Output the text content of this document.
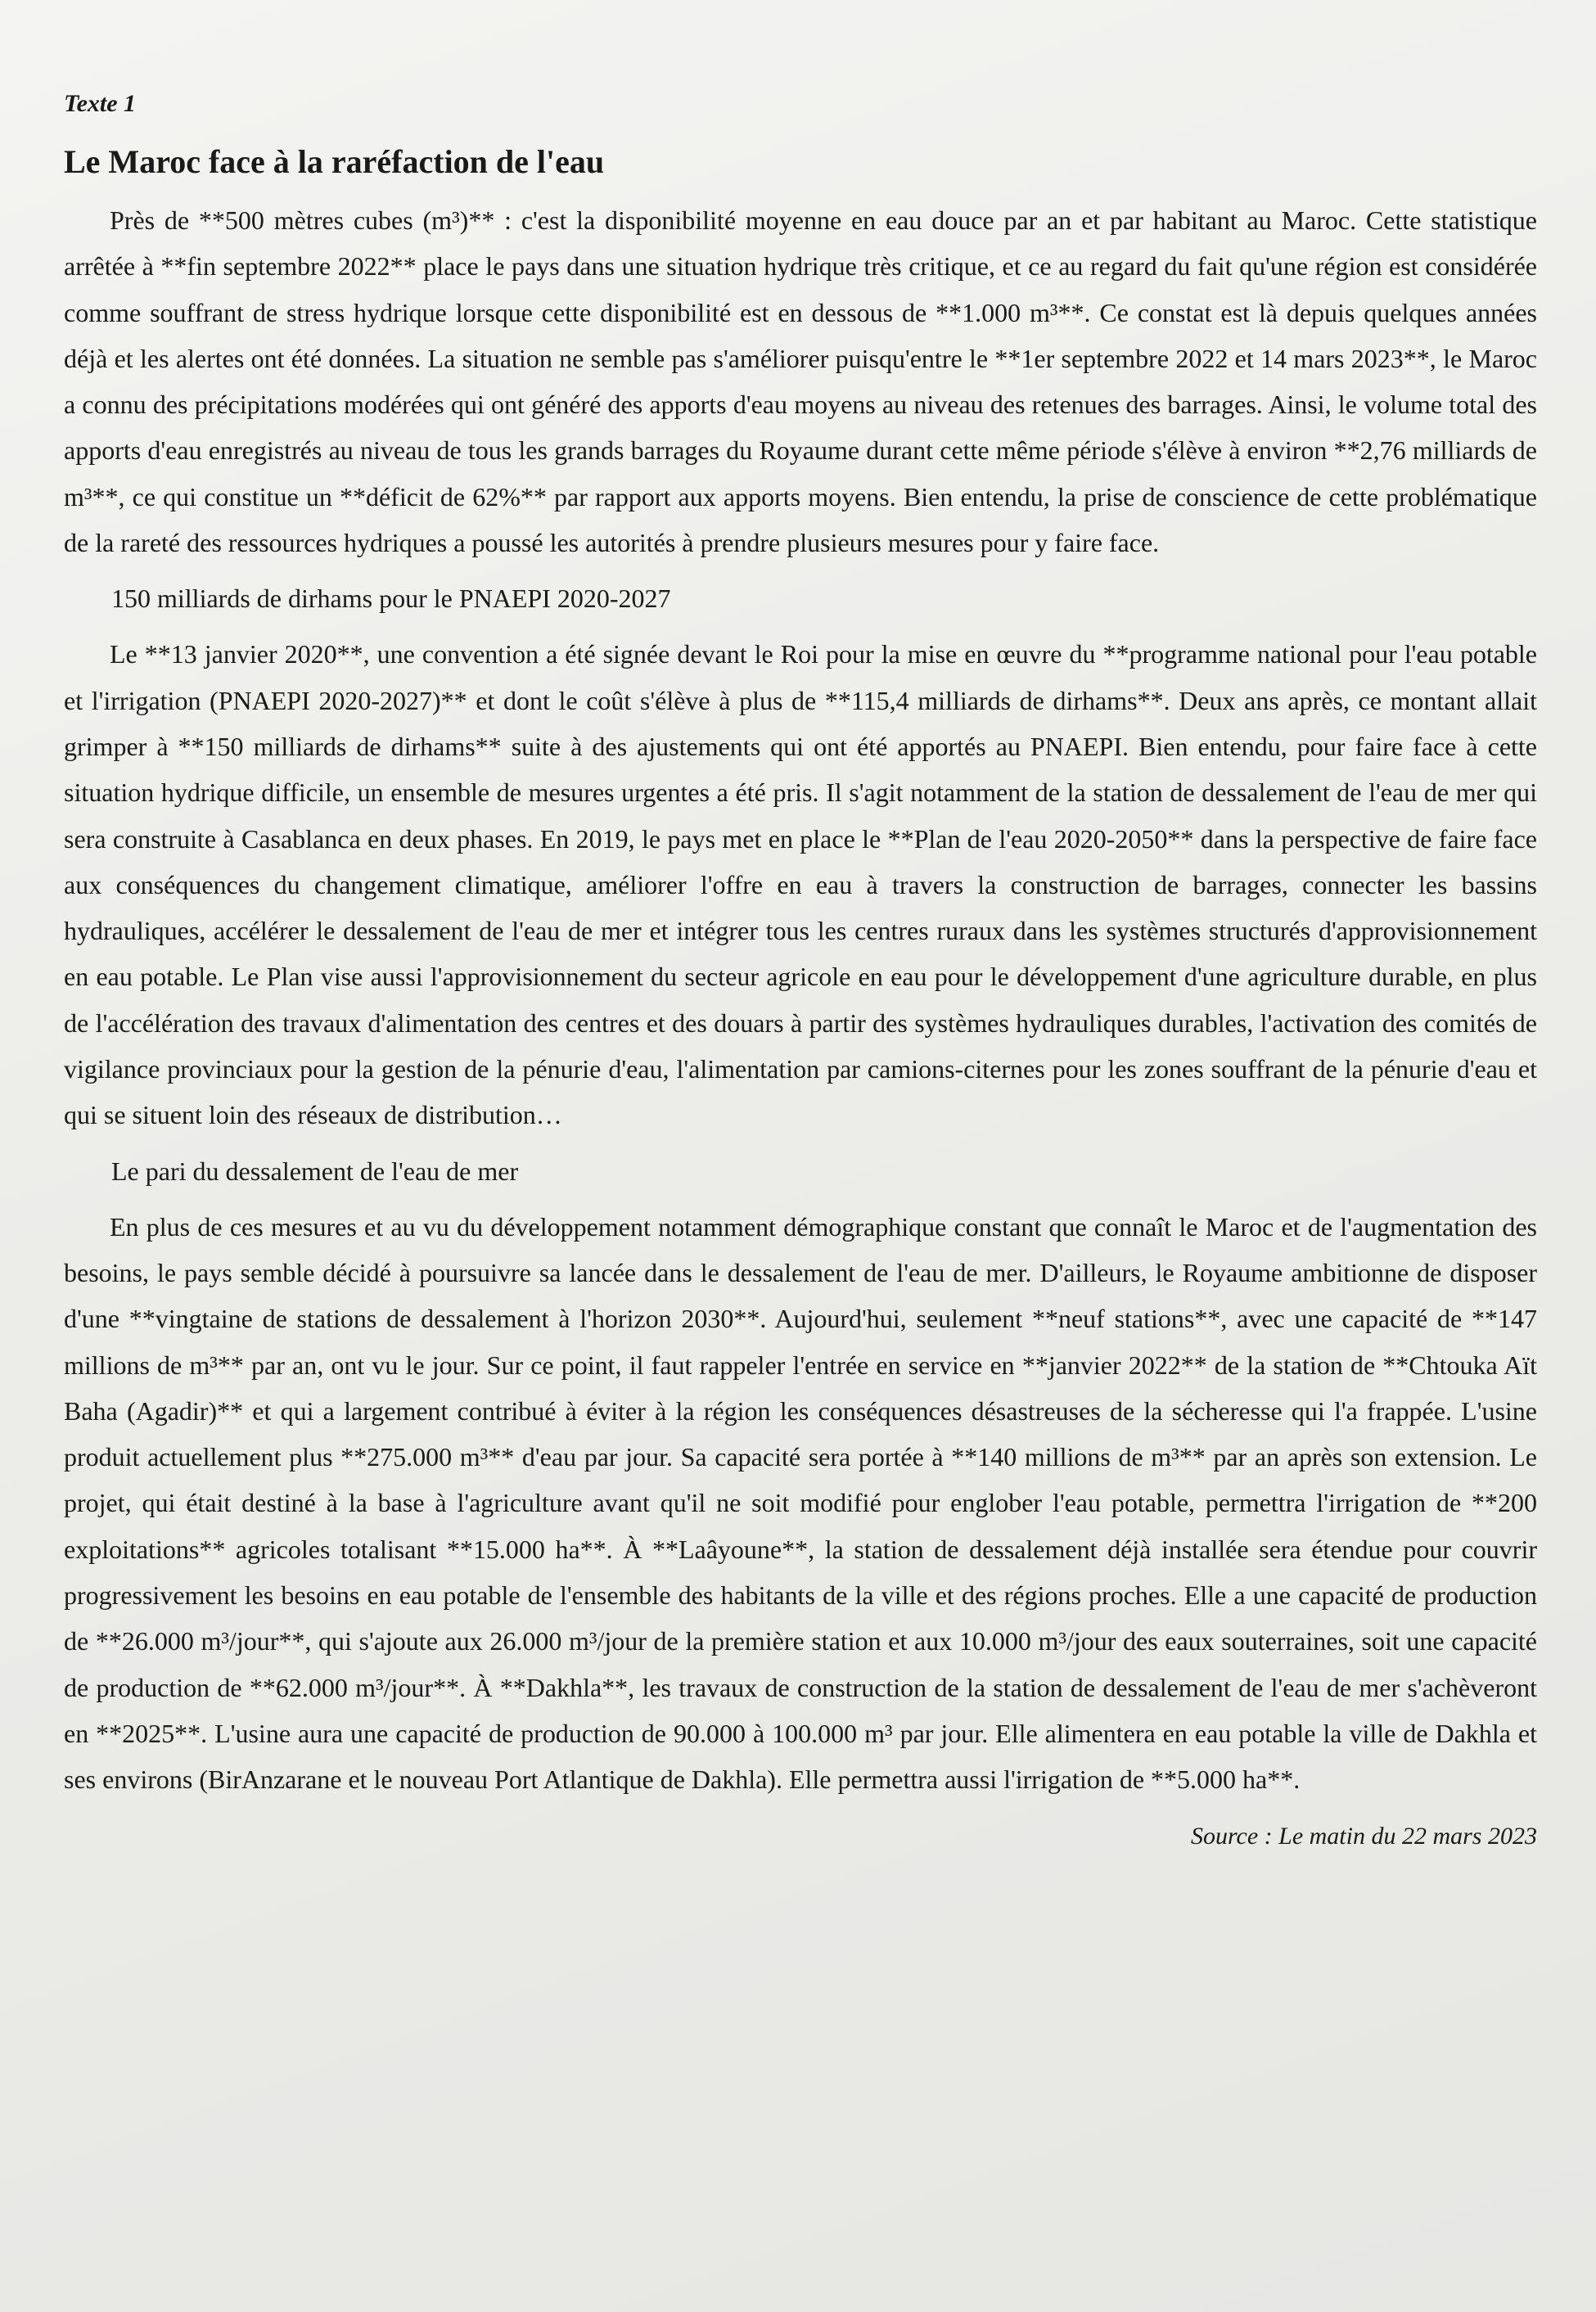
Texte 1
Le Maroc face à la raréfaction de l'eau

Près de **500 mètres cubes (m³)** : c'est la disponibilité moyenne en eau douce par an et par habitant au Maroc. Cette statistique arrêtée à **fin septembre 2022** place le pays dans une situation hydrique très critique, et ce au regard du fait qu'une région est considérée comme souffrant de stress hydrique lorsque cette disponibilité est en dessous de **1.000 m³**. Ce constat est là depuis quelques années déjà et les alertes ont été données. La situation ne semble pas s'améliorer puisqu'entre le **1er septembre 2022 et 14 mars 2023**, le Maroc a connu des précipitations modérées qui ont généré des apports d'eau moyens au niveau des retenues des barrages. Ainsi, le volume total des apports d'eau enregistrés au niveau de tous les grands barrages du Royaume durant cette même période s'élève à environ **2,76 milliards de m³**, ce qui constitue un **déficit de 62%** par rapport aux apports moyens. Bien entendu, la prise de conscience de cette problématique de la rareté des ressources hydriques a poussé les autorités à prendre plusieurs mesures pour y faire face.

150 milliards de dirhams pour le PNAEPI 2020-2027

Le **13 janvier 2020**, une convention a été signée devant le Roi pour la mise en œuvre du **programme national pour l'eau potable et l'irrigation (PNAEPI 2020-2027)** et dont le coût s'élève à plus de **115,4 milliards de dirhams**. Deux ans après, ce montant allait grimper à **150 milliards de dirhams** suite à des ajustements qui ont été apportés au PNAEPI. Bien entendu, pour faire face à cette situation hydrique difficile, un ensemble de mesures urgentes a été pris. Il s'agit notamment de la station de dessalement de l'eau de mer qui sera construite à Casablanca en deux phases. En 2019, le pays met en place le **Plan de l'eau 2020-2050** dans la perspective de faire face aux conséquences du changement climatique, améliorer l'offre en eau à travers la construction de barrages, connecter les bassins hydrauliques, accélérer le dessalement de l'eau de mer et intégrer tous les centres ruraux dans les systèmes structurés d'approvisionnement en eau potable. Le Plan vise aussi l'approvisionnement du secteur agricole en eau pour le développement d'une agriculture durable, en plus de l'accélération des travaux d'alimentation des centres et des douars à partir des systèmes hydrauliques durables, l'activation des comités de vigilance provinciaux pour la gestion de la pénurie d'eau, l'alimentation par camions-citernes pour les zones souffrant de la pénurie d'eau et qui se situent loin des réseaux de distribution…

Le pari du dessalement de l'eau de mer

En plus de ces mesures et au vu du développement notamment démographique constant que connaît le Maroc et de l'augmentation des besoins, le pays semble décidé à poursuivre sa lancée dans le dessalement de l'eau de mer. D'ailleurs, le Royaume ambitionne de disposer d'une **vingtaine de stations de dessalement à l'horizon 2030**. Aujourd'hui, seulement **neuf stations**, avec une capacité de **147 millions de m³** par an, ont vu le jour. Sur ce point, il faut rappeler l'entrée en service en **janvier 2022** de la station de **Chtouka Aït Baha (Agadir)** et qui a largement contribué à éviter à la région les conséquences désastreuses de la sécheresse qui l'a frappée. L'usine produit actuellement plus **275.000 m³** d'eau par jour. Sa capacité sera portée à **140 millions de m³** par an après son extension. Le projet, qui était destiné à la base à l'agriculture avant qu'il ne soit modifié pour englober l'eau potable, permettra l'irrigation de **200 exploitations** agricoles totalisant **15.000 ha**. À **Laâyoune**, la station de dessalement déjà installée sera étendue pour couvrir progressivement les besoins en eau potable de l'ensemble des habitants de la ville et des régions proches. Elle a une capacité de production de **26.000 m³/jour**, qui s'ajoute aux 26.000 m³/jour de la première station et aux 10.000 m³/jour des eaux souterraines, soit une capacité de production de **62.000 m³/jour**. À **Dakhla**, les travaux de construction de la station de dessalement de l'eau de mer s'achèveront en **2025**. L'usine aura une capacité de production de 90.000 à 100.000 m³ par jour. Elle alimentera en eau potable la ville de Dakhla et ses environs (BirAnzarane et le nouveau Port Atlantique de Dakhla). Elle permettra aussi l'irrigation de **5.000 ha**.

Source : Le matin du 22 mars 2023
